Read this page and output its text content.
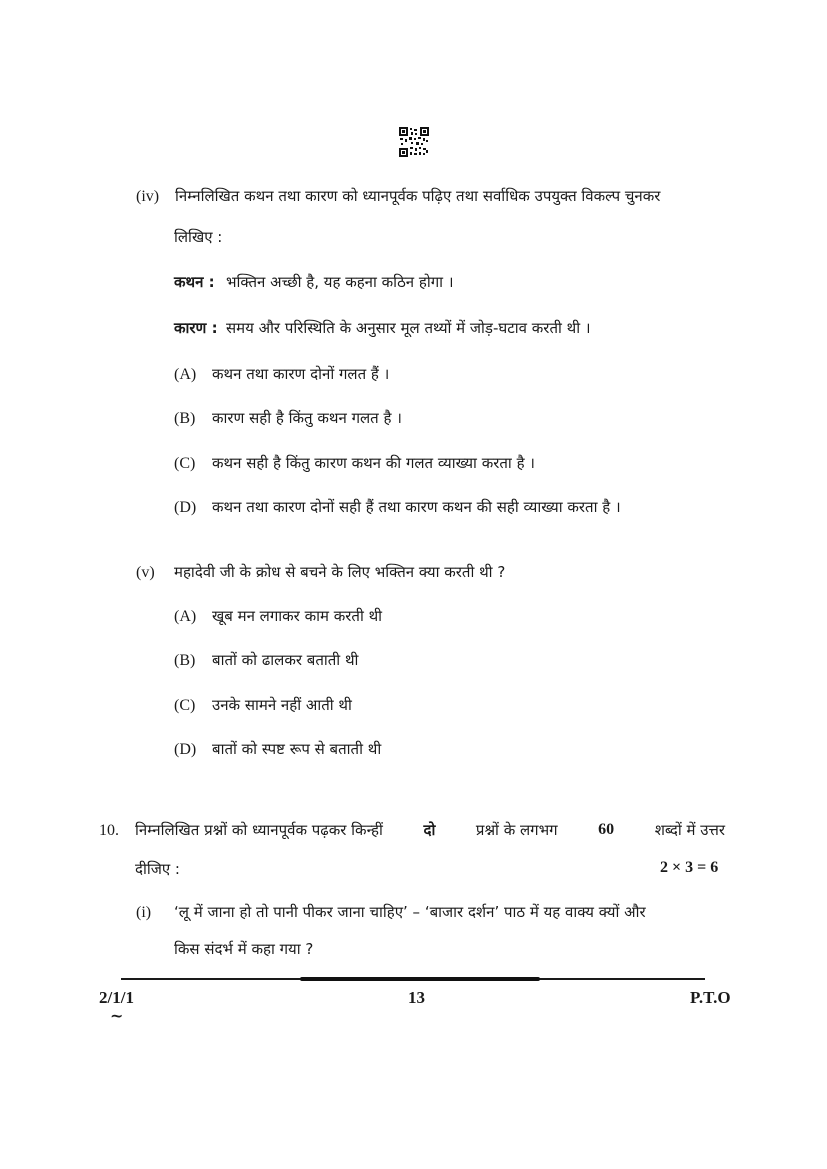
(iv) निम्नलिखित कथन तथा कारण को ध्यानपूर्वक पढ़िए तथा सर्वाधिक उपयुक्त विकल्प चुनकर
लिखिए :
कथन : भक्तिन अच्छी है, यह कहना कठिन होगा ।
कारण : समय और परिस्थिति के अनुसार मूल तथ्यों में जोड़-घटाव करती थी ।
(A) कथन तथा कारण दोनों गलत हैं ।
(B) कारण सही है किंतु कथन गलत है ।
(C) कथन सही है किंतु कारण कथन की गलत व्याख्या करता है ।
(D) कथन तथा कारण दोनों सही हैं तथा कारण कथन की सही व्याख्या करता है ।
(v) महादेवी जी के क्रोध से बचने के लिए भक्तिन क्या करती थी ?
(A) खूब मन लगाकर काम करती थी
(B) बातों को ढालकर बताती थी
(C) उनके सामने नहीं आती थी
(D) बातों को स्पष्ट रूप से बताती थी
10. निम्नलिखित प्रश्नों को ध्यानपूर्वक पढ़कर किन्हीं	दो	प्रश्नों के लगभग	60	शब्दों में उत्तर
दीजिए :	2 × 3 = 6
(i) ‘लू में जाना हो तो पानी पीकर जाना चाहिए’ – ‘बाजार दर्शन’ पाठ में यह वाक्य क्यों और
किस संदर्भ में कहा गया ?
2/1/1	13	P.T.O
~
